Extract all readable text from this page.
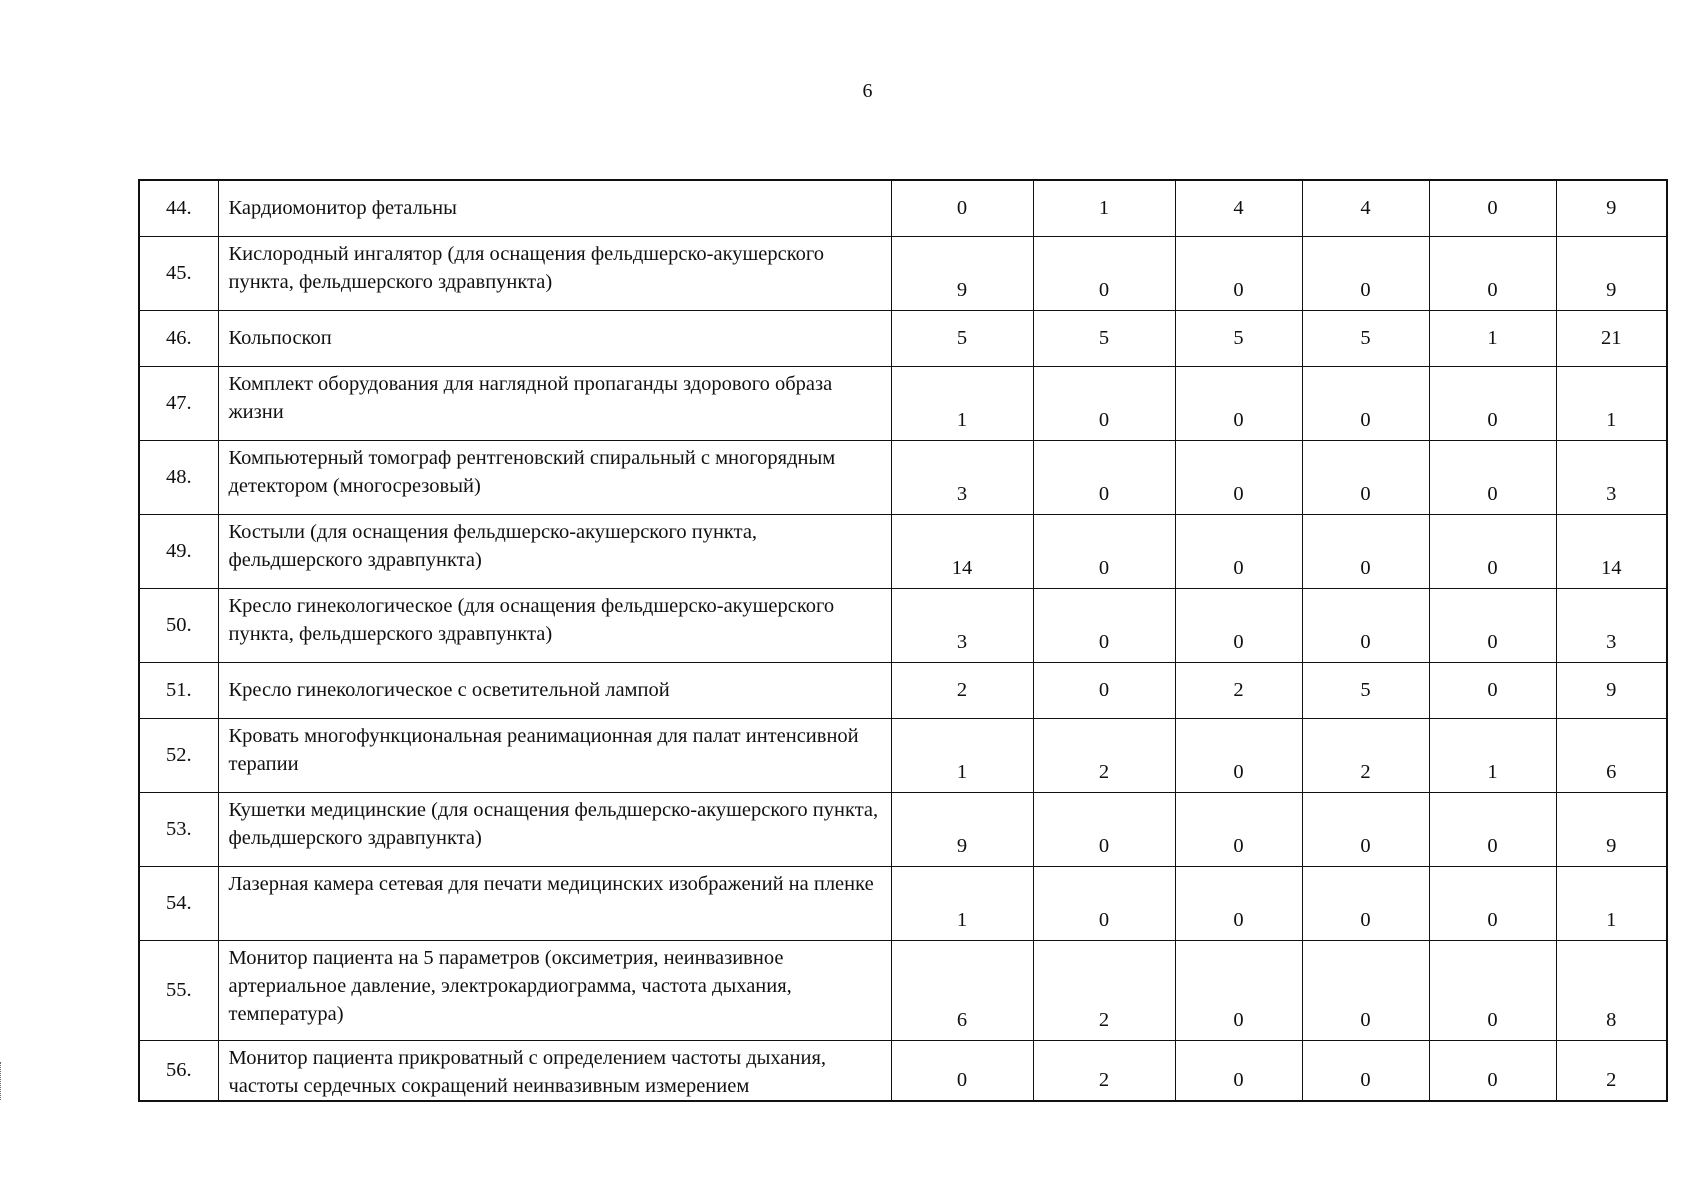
6
44.	Кардиомонитор фетальны	0	1	4	4	0	9
45.	Кислородный ингалятор (для оснащения фельдшерско-акушерского пункта, фельдшерского здравпункта)	9	0	0	0	0	9
46.	Кольпоскоп	5	5	5	5	1	21
47.	Комплект оборудования для наглядной пропаганды здорового образа жизни	1	0	0	0	0	1
48.	Компьютерный томограф рентгеновский спиральный с многорядным детектором (многосрезовый)	3	0	0	0	0	3
49.	Костыли (для оснащения фельдшерско-акушерского пункта, фельдшерского здравпункта)	14	0	0	0	0	14
50.	Кресло гинекологическое (для оснащения фельдшерско-акушерского пункта, фельдшерского здравпункта)	3	0	0	0	0	3
51.	Кресло гинекологическое с осветительной лампой	2	0	2	5	0	9
52.	Кровать многофункциональная реанимационная для палат интенсивной терапии	1	2	0	2	1	6
53.	Кушетки медицинские (для оснащения фельдшерско-акушерского пункта, фельдшерского здравпункта)	9	0	0	0	0	9
54.	Лазерная камера сетевая для печати медицинских изображений на пленке	1	0	0	0	0	1
55.	Монитор пациента на 5 параметров (оксиметрия, неинвазивное артериальное давление, электрокардиограмма, частота дыхания, температура)	6	2	0	0	0	8
56.	Монитор пациента прикроватный с определением частоты дыхания, частоты сердечных сокращений неинвазивным измерением	0	2	0	0	0	2
